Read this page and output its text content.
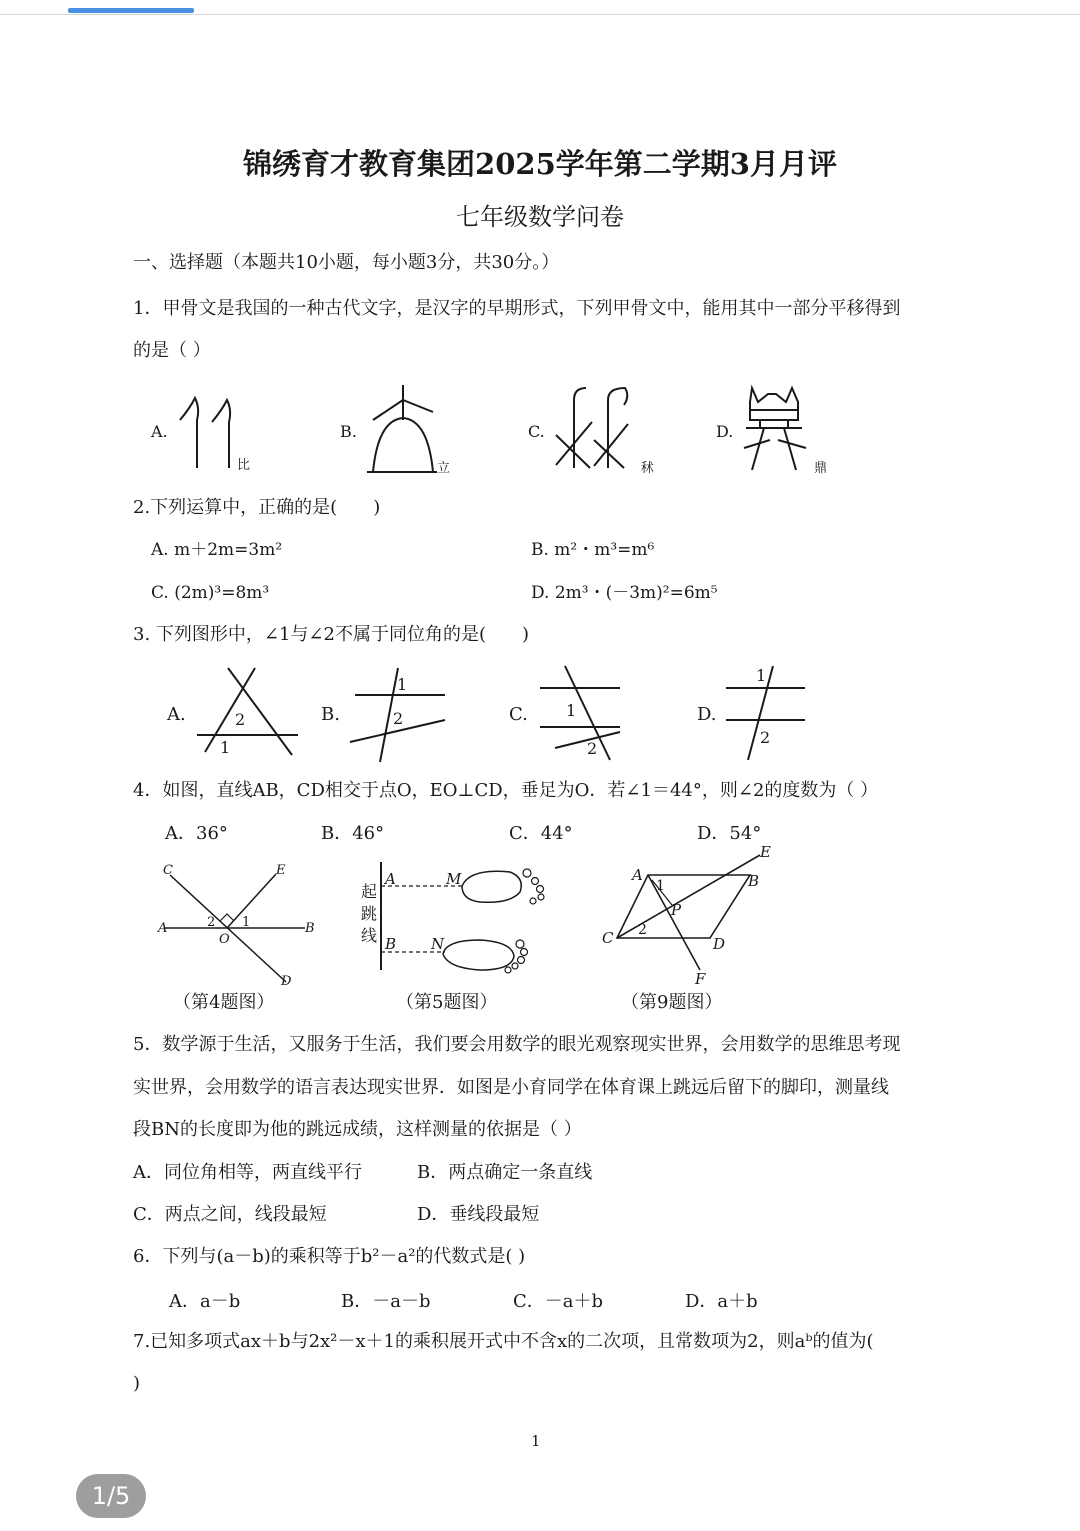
锦绣育才教育集团2025学年第二学期3月月评
七年级数学问卷
一、选择题（本题共10小题，每小题3分，共30分。）
1．甲骨文是我国的一种古代文字，是汉字的早期形式，下列甲骨文中，能用其中一部分平移得到
的是（ ）
A.	B.	C.	D.
比	立	秫	鼎
2.下列运算中，正确的是(　　)
A. m＋2m=3m²	B. m²・m³=m⁶
C. (2m)³=8m³	D. 2m³・(－3m)²=6m⁵
3. 下列图形中，∠1与∠2不属于同位角的是(　　)
A.	B.	C.	D.
2
1
1
2	1
2
1
2
4．如图，直线AB，CD相交于点O，EO⊥CD，垂足为O．若∠1＝44°，则∠2的度数为（ ）
A．36°	B．46°	C．44°	D．54°
C	E
A	2 1
O
B
D
（第4题图）
A	M
B N
起
跳
线
（第5题图）
E
A
1	B
P
C 2
D
F
（第9题图）
5．数学源于生活，又服务于生活，我们要会用数学的眼光观察现实世界，会用数学的思维思考现
实世界，会用数学的语言表达现实世界．如图是小育同学在体育课上跳远后留下的脚印，测量线
段BN的长度即为他的跳远成绩，这样测量的依据是（ ）
A．同位角相等，两直线平行	B．两点确定一条直线
C．两点之间，线段最短	D．垂线段最短
6．下列与(a－b)的乘积等于b²－a²的代数式是( )
A．a－b	B．－a－b	C．－a＋b	D．a＋b
7.已知多项式ax＋b与2x²－x＋1的乘积展开式中不含x的二次项，且常数项为2，则aᵇ的值为(
)
1
1/5
